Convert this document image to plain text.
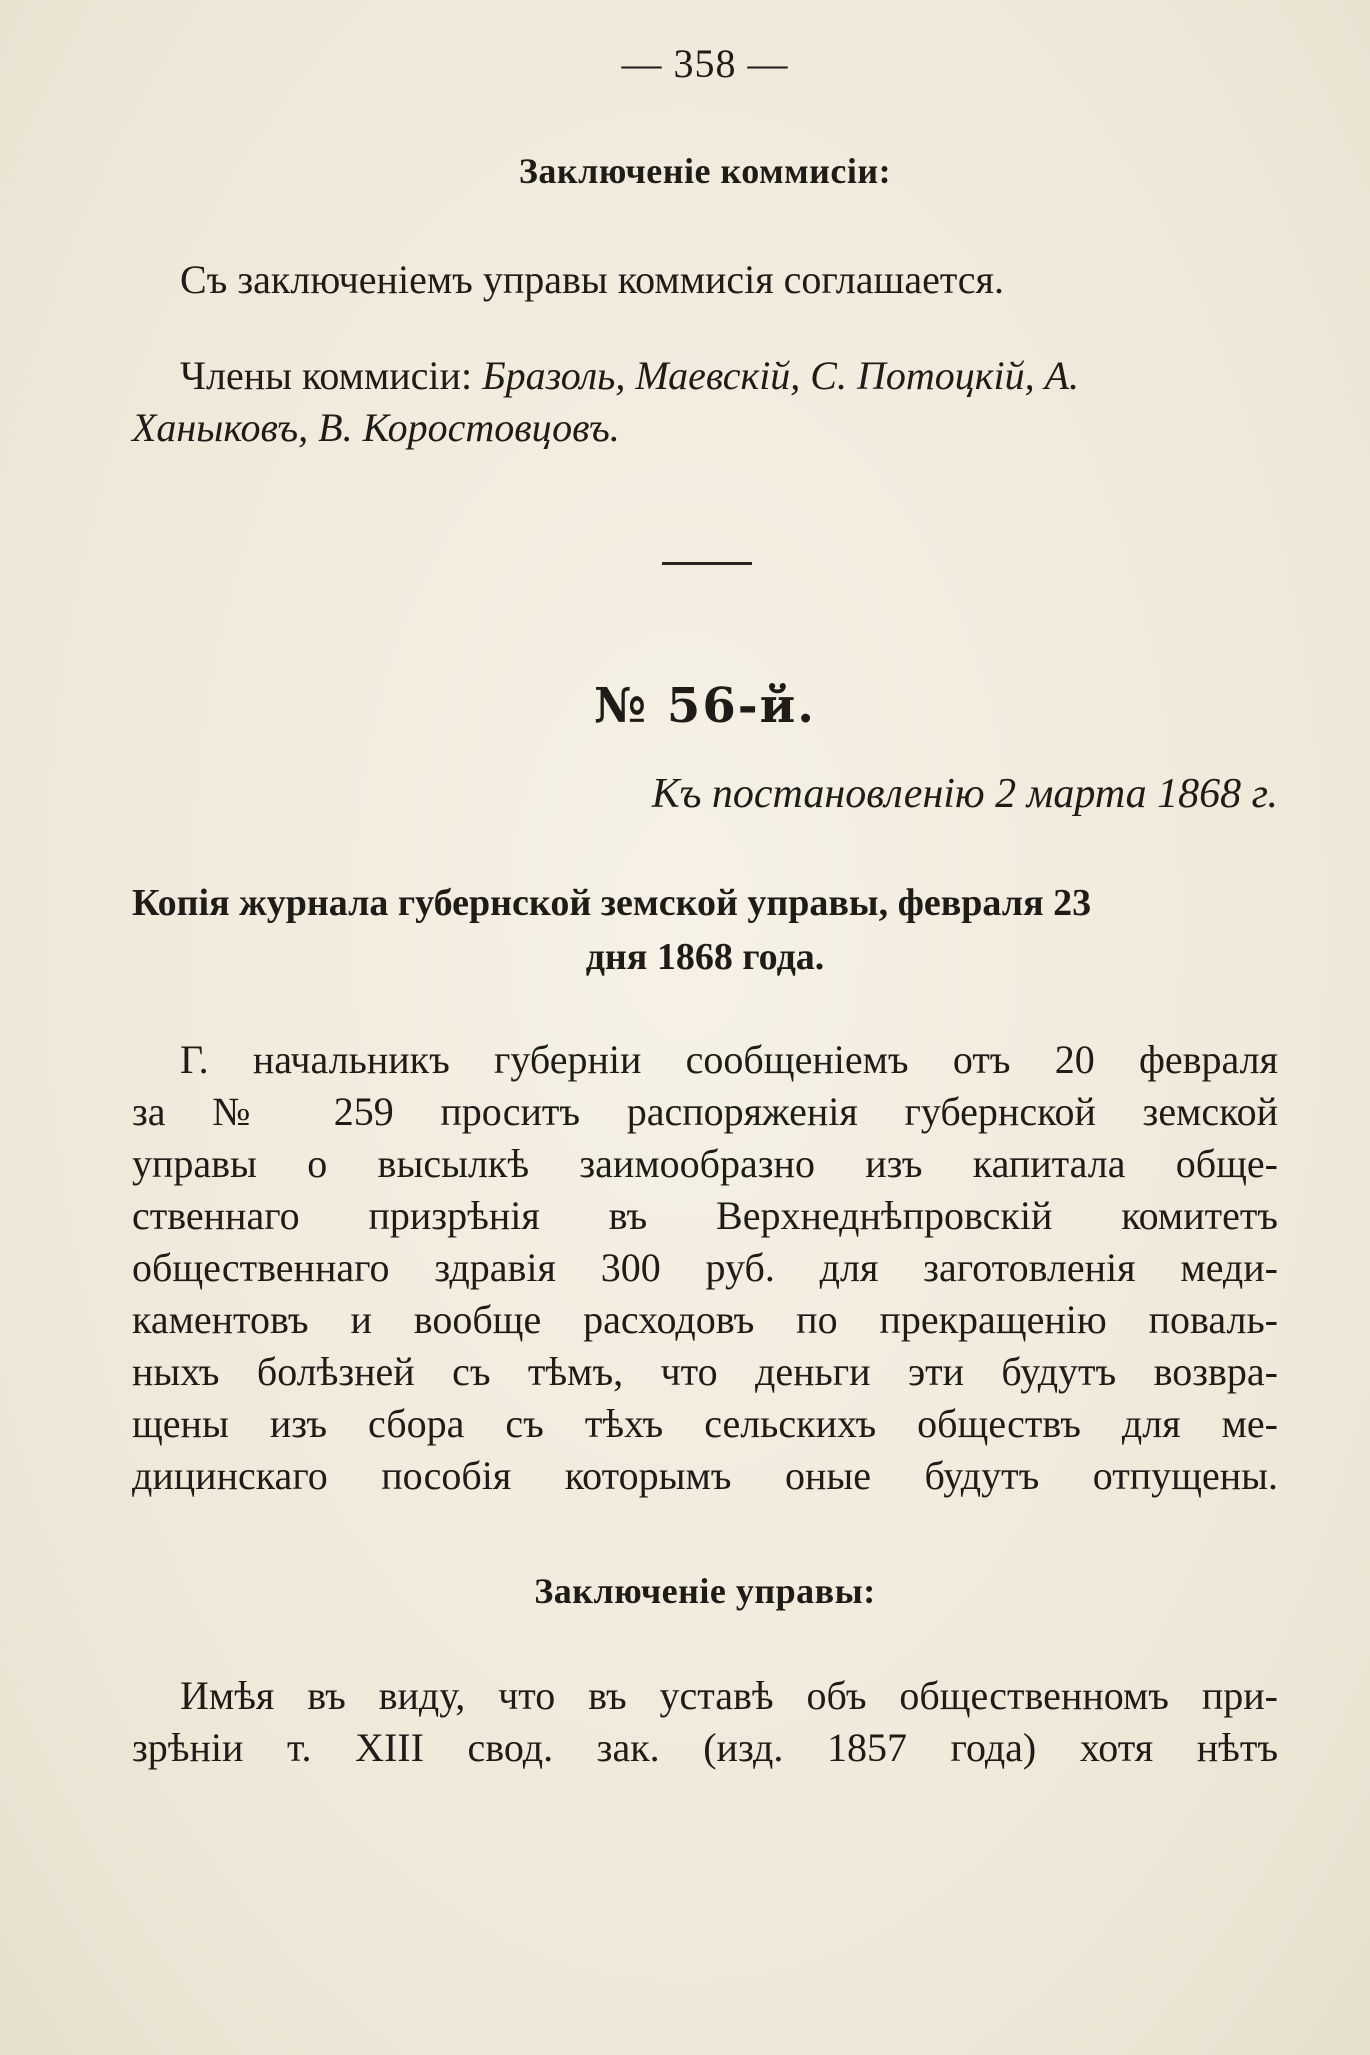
— 358 —

Заключеніе коммисіи:

Съ заключеніемъ управы коммисія соглашается.

Члены коммисіи: Бразоль, Маевскій, С. Потоцкій, А.

Ханыковъ, В. Коростовцовъ.

№ 56-й.

Къ постановленію 2 марта 1868 г.

Копія журнала губернской земской управы, февраля 23

дня 1868 года.

Г. начальникъ губерніи сообщеніемъ отъ 20 февраля

за № 259 проситъ распоряженія губернской земской

управы о высылкѣ заимообразно изъ капитала обще-

ственнаго призрѣнія въ Верхнеднѣпровскій комитетъ

общественнаго здравія 300 руб. для заготовленія меди-

каментовъ и вообще расходовъ по прекращенію поваль-

ныхъ болѣзней съ тѣмъ, что деньги эти будутъ возвра-

щены изъ сбора съ тѣхъ сельскихъ обществъ для ме-

дицинскаго пособія которымъ оные будутъ отпущены.

Заключеніе управы:

Имѣя въ виду, что въ уставѣ объ общественномъ при-

зрѣніи т. XIII свод. зак. (изд. 1857 года) хотя нѣтъ
